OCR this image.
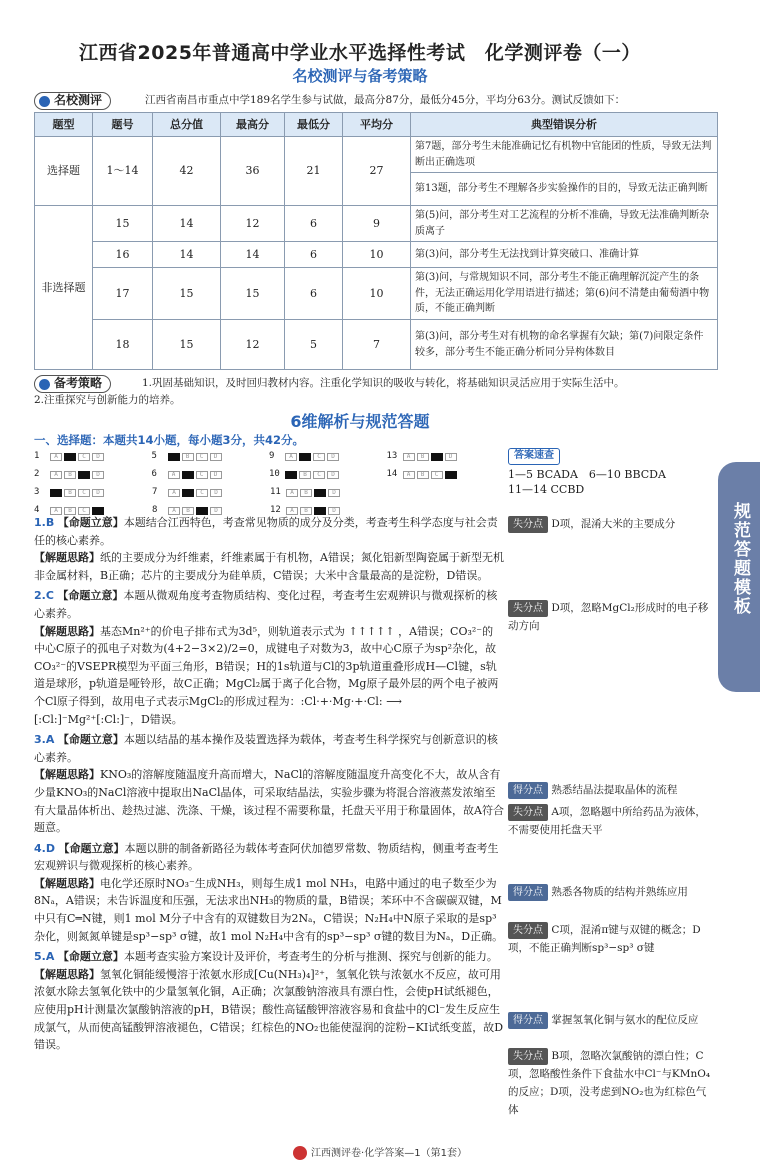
江西省2025年普通高中学业水平选择性考试　化学测评卷（一）
名校测评与备考策略
名校测评	江西省南昌市重点中学189名学生参与试做，最高分87分，最低分45分，平均分63分。测试反馈如下：
题型	题号	总分值	最高分	最低分	平均分	典型错误分析
选择题	1～14	42	36	21	27	第7题，部分考生未能准确记忆有机物中官能团的性质，导致无法判断出正确选项
						第13题，部分考生不理解各步实验操作的目的，导致无法正确判断
非选择题	15	14	12	6	9	第(5)问，部分考生对工艺流程的分析不准确，导致无法准确判断杂质离子
	16	14	14	6	10	第(3)问，部分考生无法找到计算突破口、准确计算
	17	15	15	6	10	第(3)问，与常规知识不同，部分考生不能正确理解沉淀产生的条件，无法正确运用化学用语进行描述；第(6)问不清楚由葡萄酒中物质，不能正确判断
	18	15	12	5	7	第(3)问，部分考生对有机物的命名掌握有欠缺；第(7)问限定条件较多，部分考生不能正确分析同分异构体数目
备考策略	1.巩固基础知识，及时回归教材内容。注重化学知识的吸收与转化，将基础知识灵活应用于实际生活中。
2.注重探究与创新能力的培养。
6维解析与规范答题
一、选择题：本题共14小题，每小题3分，共42分。
1	A	C	D	5	B	C	D	9	A	C	D	13	A	B	D
2	A	B	D	6	A	C	D	10	B	C	D	14	A	B	C
3	B	C	D	7	A	C	D	11	A	B	D
4	A	B	C	8	A	B	D	12	A	B	D
答案速查
1—5 BCADA　6—10 BBCDA
11—14 CCBD
规范答题模板
1.B 【命题立意】本题结合江西特色，考查常见物质的成分及分类，考查考生科学态度与社会责任的核心素养。
【解题思路】纸的主要成分为纤维素，纤维素属于有机物，A错误；氮化铝新型陶瓷属于新型无机非金属材料，B正确；芯片的主要成分为硅单质，C错误；大米中含量最高的是淀粉，D错误。
2.C 【命题立意】本题从微观角度考查物质结构、变化过程，考查考生宏观辨识与微观探析的核心素养。
【解题思路】基态Mn²⁺的价电子排布式为3d⁵，则轨道表示式为 ↑↑↑↑↑ ，A错误；CO₃²⁻的中心C原子的孤电子对数为(4+2−3×2)/2=0，成键电子对数为3，故中心C原子为sp²杂化，故CO₃²⁻的VSEPR模型为平面三角形，B错误；H的1s轨道与Cl的3p轨道重叠形成H—Cl键，s轨道是球形，p轨道是哑铃形，故C正确；MgCl₂属于离子化合物，Mg原子最外层的两个电子被两个Cl原子得到，故用电子式表示MgCl₂的形成过程为：:Cl·+·Mg·+·Cl: ⟶ [:Cl:]⁻Mg²⁺[:Cl:]⁻，D错误。
3.A 【命题立意】本题以结晶的基本操作及装置选择为载体，考查考生科学探究与创新意识的核心素养。
【解题思路】KNO₃的溶解度随温度升高而增大，NaCl的溶解度随温度升高变化不大，故从含有少量KNO₃的NaCl溶液中提取出NaCl晶体，可采取结晶法，实验步骤为将混合溶液蒸发浓缩至有大量晶体析出、趁热过滤、洗涤、干燥，该过程不需要称量，托盘天平用于称量固体，故A符合题意。
4.D 【命题立意】本题以肼的制备新路径为载体考查阿伏加德罗常数、物质结构，侧重考查考生宏观辨识与微观探析的核心素养。
【解题思路】电化学还原时NO₃⁻生成NH₃，则每生成1 mol NH₃，电路中通过的电子数至少为8Nₐ，A错误；未告诉温度和压强，无法求出NH₃的物质的量，B错误；苯环中不含碳碳双键，M中只有C═N键，则1 mol M分子中含有的双键数目为2Nₐ，C错误；N₂H₄中N原子采取的是sp³杂化，则氮氮单键是sp³−sp³ σ键，故1 mol N₂H₄中含有的sp³−sp³ σ键的数目为Nₐ，D正确。
5.A 【命题立意】本题考查实验方案设计及评价，考查考生的分析与推测、探究与创新的能力。
【解题思路】氢氧化铜能缓慢溶于浓氨水形成[Cu(NH₃)₄]²⁺，氢氧化铁与浓氨水不反应，故可用浓氨水除去氢氧化铁中的少量氢氧化铜，A正确；次氯酸钠溶液具有漂白性，会使pH试纸褪色，应使用pH计测量次氯酸钠溶液的pH，B错误；酸性高锰酸钾溶液容易和食盐中的Cl⁻发生反应生成氯气，从而使高锰酸钾溶液褪色，C错误；红棕色的NO₂也能使湿润的淀粉−KI试纸变蓝，故D错误。
失分点 D项，混淆大米的主要成分
失分点 D项，忽略MgCl₂形成时的电子移动方向
得分点 熟悉结晶法提取晶体的流程
失分点 A项，忽略题中所给药品为液体，不需要使用托盘天平
得分点 熟悉各物质的结构并熟练应用
失分点 C项，混淆π键与双键的概念；D项，不能正确判断sp³−sp³ σ键
得分点 掌握氢氧化铜与氨水的配位反应
失分点 B项，忽略次氯酸钠的漂白性；C项，忽略酸性条件下食盐水中Cl⁻与KMnO₄的反应；D项，没考虑到NO₂也为红棕色气体
江西测评卷·化学答案—1（第1套）
